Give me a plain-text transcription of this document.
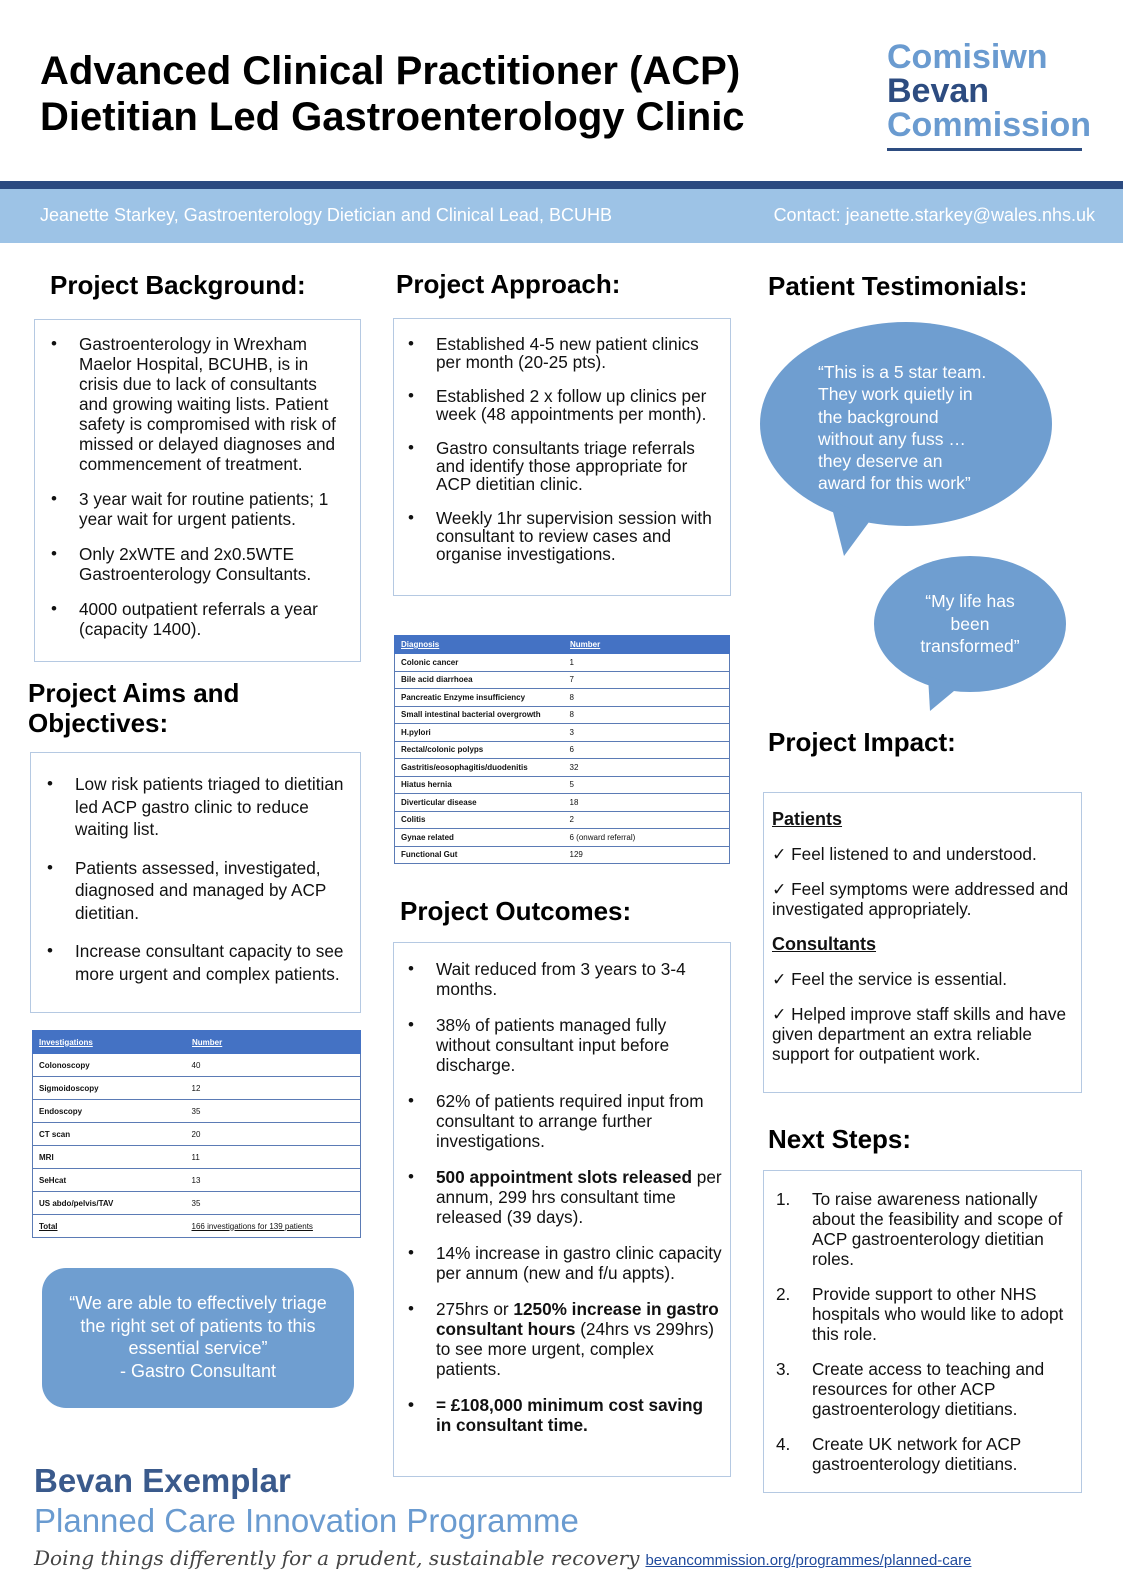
Advanced Clinical Practitioner (ACP)
Dietitian Led Gastroenterology Clinic
Comisiwn
Bevan
Commission
Jeanette Starkey, Gastroenterology Dietician and Clinical Lead, BCUHB	Contact: jeanette.starkey@wales.nhs.uk
Project Background:
• Gastroenterology in Wrexham Maelor Hospital, BCUHB, is in crisis due to lack of consultants and growing waiting lists. Patient safety is compromised with risk of missed or delayed diagnoses and commencement of treatment.
• 3 year wait for routine patients; 1 year wait for urgent patients.
• Only 2xWTE and 2x0.5WTE Gastroenterology Consultants.
• 4000 outpatient referrals a year (capacity 1400).
Project Aims and
Objectives:
• Low risk patients triaged to dietitian led ACP gastro clinic to reduce waiting list.
• Patients assessed, investigated, diagnosed and managed by ACP dietitian.
• Increase consultant capacity to see more urgent and complex patients.
Investigations	Number
Colonoscopy	40
Sigmoidoscopy	12
Endoscopy	35
CT scan	20
MRI	11
SeHcat	13
US abdo/pelvis/TAV	35
Total	166 investigations for 139 patients
“We are able to effectively triage
the right set of patients to this
essential service”
- Gastro Consultant
Project Approach:
• Established 4-5 new patient clinics per month (20-25 pts).
• Established 2 x follow up clinics per week (48 appointments per month).
• Gastro consultants triage referrals and identify those appropriate for ACP dietitian clinic.
• Weekly 1hr supervision session with consultant to review cases and organise investigations.
Diagnosis	Number
Colonic cancer	1
Bile acid diarrhoea	7
Pancreatic Enzyme insufficiency	8
Small intestinal bacterial overgrowth	8
H.pylori	3
Rectal/colonic polyps	6
Gastritis/eosophagitis/duodenitis	32
Hiatus hernia	5
Diverticular disease	18
Colitis	2
Gynae related	6 (onward referral)
Functional Gut	129
Project Outcomes:
• Wait reduced from 3 years to 3-4 months.
• 38% of patients managed fully without consultant input before discharge.
• 62% of patients required input from consultant to arrange further investigations.
• 500 appointment slots released per annum, 299 hrs consultant time released (39 days).
• 14% increase in gastro clinic capacity per annum (new and f/u appts).
• 275hrs or 1250% increase in gastro consultant hours (24hrs vs 299hrs) to see more urgent, complex patients.
• = £108,000 minimum cost saving in consultant time.
Patient Testimonials:
“This is a 5 star team.
They work quietly in
the background
without any fuss …
they deserve an
award for this work”
“My life has
been
transformed”
Project Impact:
Patients
✓ Feel listened to and understood.
✓ Feel symptoms were addressed and investigated appropriately.
Consultants
✓ Feel the service is essential.
✓ Helped improve staff skills and have given department an extra reliable support for outpatient work.
Next Steps:
1. To raise awareness nationally about the feasibility and scope of ACP gastroenterology dietitian roles.
2. Provide support to other NHS hospitals who would like to adopt this role.
3. Create access to teaching and resources for other ACP gastroenterology dietitians.
4. Create UK network for ACP gastroenterology dietitians.
Bevan Exemplar
Planned Care Innovation Programme
Doing things differently for a prudent, sustainable recovery bevancommission.org/programmes/planned-care
